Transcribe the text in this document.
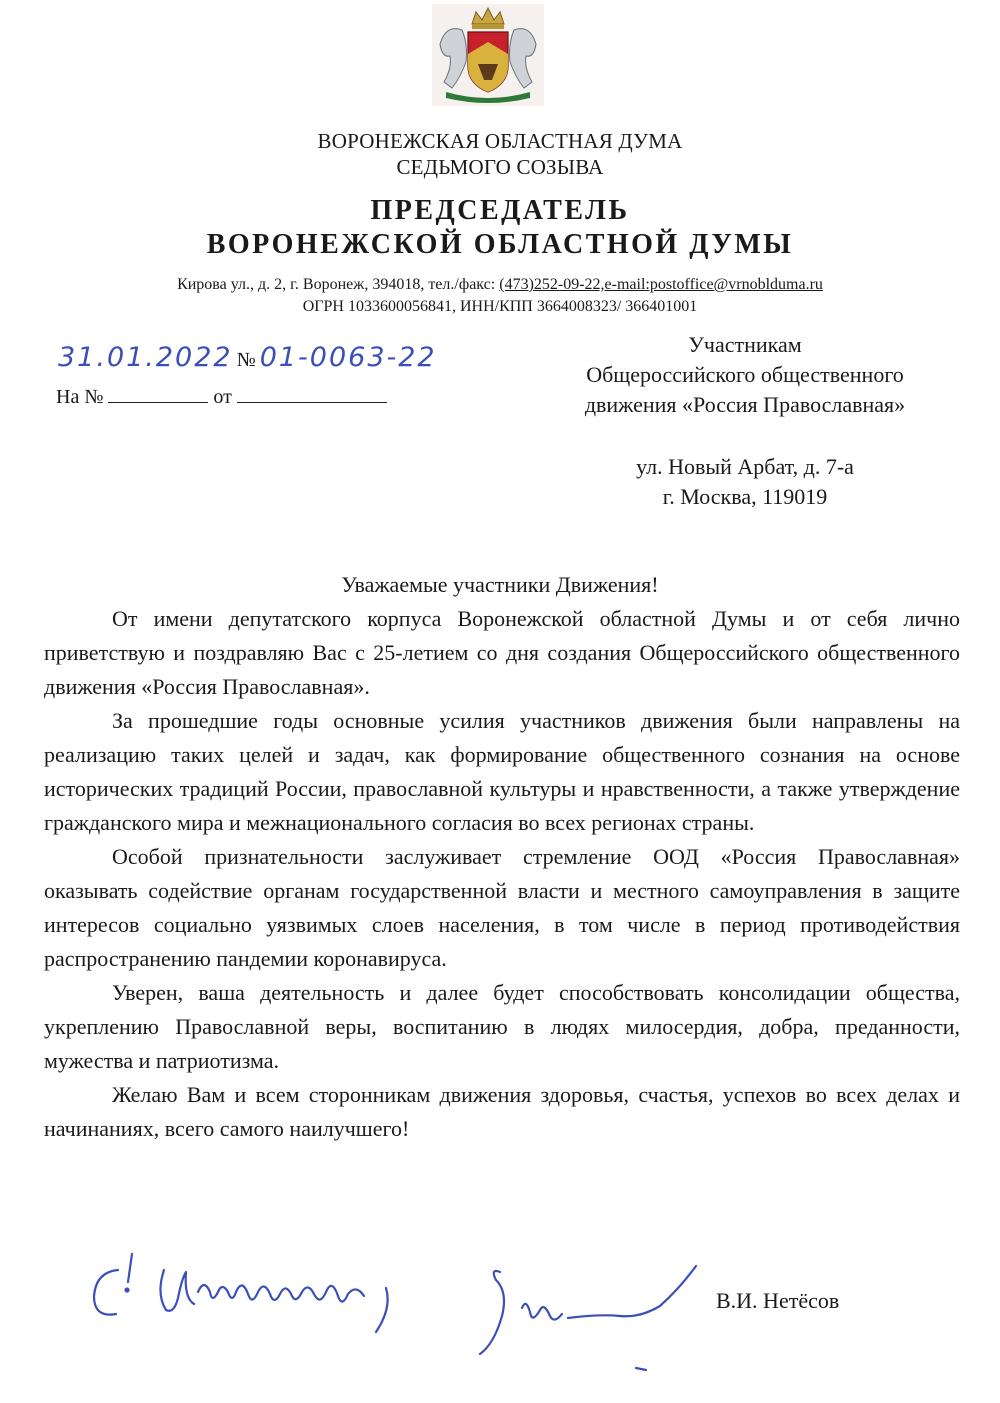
ВОРОНЕЖСКАЯ ОБЛАСТНАЯ ДУМА
СЕДЬМОГО СОЗЫВА
ПРЕДСЕДАТЕЛЬ
ВОРОНЕЖСКОЙ ОБЛАСТНОЙ ДУМЫ
Кирова ул., д. 2, г. Воронеж, 394018, тел./факс: (473)252-09-22,e-mail:postoffice@vrnoblduma.ru
ОГРН 1033600056841, ИНН/КПП 3664008323/ 366401001
31.01.2022 № 01-0063-22
На №	от
Участникам
Общероссийского общественного
движения «Россия Православная»
ул. Новый Арбат, д. 7-а
г. Москва, 119019
Уважаемые участники Движения!

От имени депутатского корпуса Воронежской областной Думы и от себя лично приветствую и поздравляю Вас с 25-летием со дня создания Общероссийского общественного движения «Россия Православная».

За прошедшие годы основные усилия участников движения были направлены на реализацию таких целей и задач, как формирование общественного сознания на основе исторических традиций России, православной культуры и нравственности, а также утверждение гражданского мира и межнационального согласия во всех регионах страны.

Особой признательности заслуживает стремление ООД «Россия Православная» оказывать содействие органам государственной власти и местного самоуправления в защите интересов социально уязвимых слоев населения, в том числе в период противодействия распространению пандемии коронавируса.

Уверен, ваша деятельность и далее будет способствовать консолидации общества, укреплению Православной веры, воспитанию в людях милосердия, добра, преданности, мужества и патриотизма.

Желаю Вам и всем сторонникам движения здоровья, счастья, успехов во всех делах и начинаниях, всего самого наилучшего!

В.И. Нетёсов
